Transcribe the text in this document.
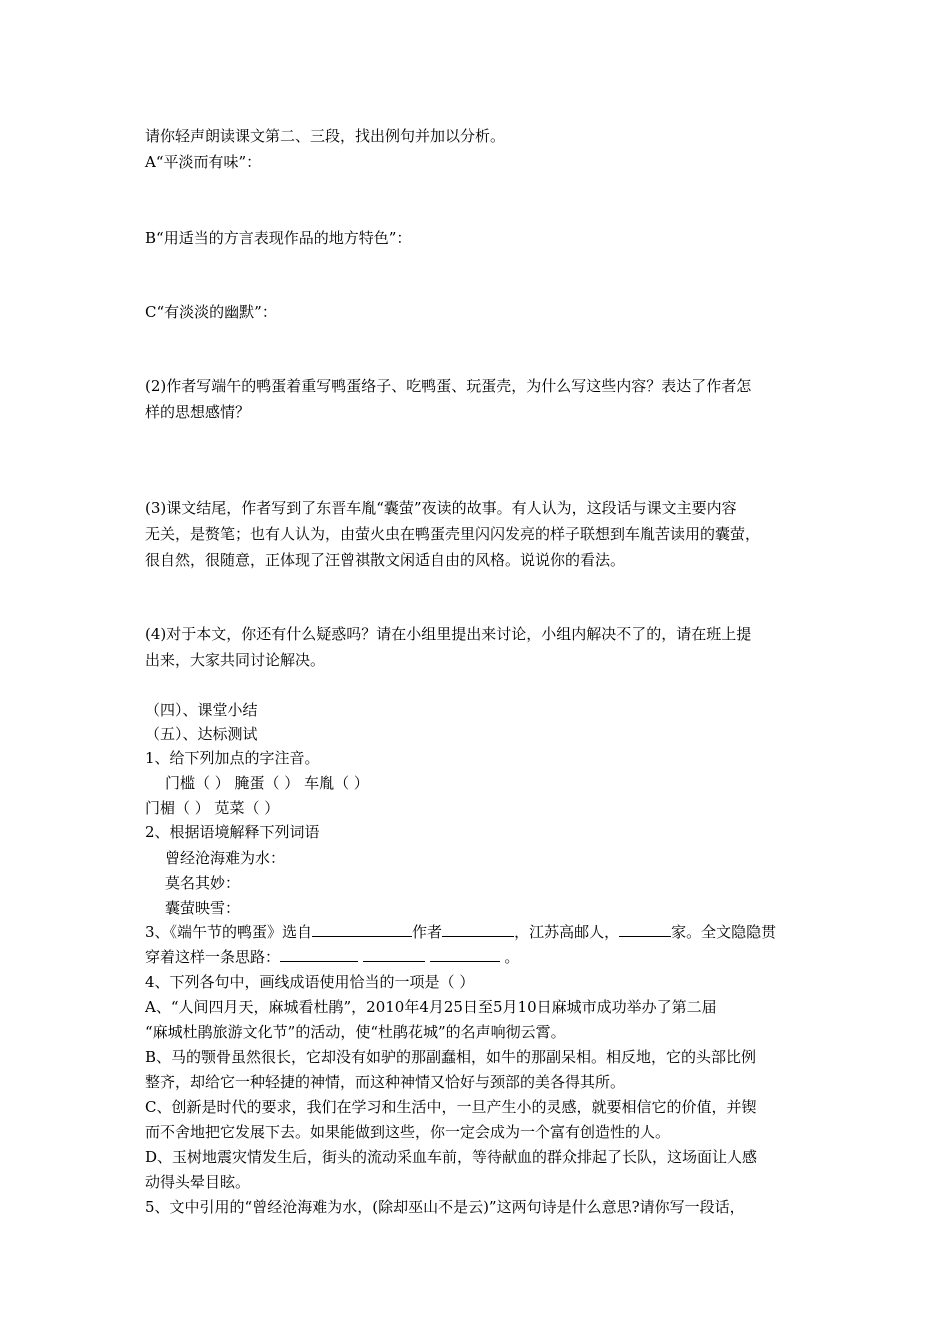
请你轻声朗读课文第二、三段，找出例句并加以分析。
A“平淡而有味”：
B“用适当的方言表现作品的地方特色”：
C“有淡淡的幽默”：
(2)作者写端午的鸭蛋着重写鸭蛋络子、吃鸭蛋、玩蛋壳，为什么写这些内容？表达了作者怎
样的思想感情？
(3)课文结尾，作者写到了东晋车胤“囊萤”夜读的故事。有人认为，这段话与课文主要内容
无关，是赘笔；也有人认为，由萤火虫在鸭蛋壳里闪闪发亮的样子联想到车胤苦读用的囊萤，
很自然，很随意，正体现了汪曾祺散文闲适自由的风格。说说你的看法。
(4)对于本文，你还有什么疑惑吗？请在小组里提出来讨论，小组内解决不了的，请在班上提
出来，大家共同讨论解决。
（四）、课堂小结
（五）、达标测试
1、给下列加点的字注音。
门槛（ ） 腌蛋（ ） 车胤（ ）
门楣（ ） 苋菜（ ）
2、根据语境解释下列词语
曾经沧海难为水：
莫名其妙：
囊萤映雪：
3、《端午节的鸭蛋》选自	作者	，江苏高邮人，	家。全文隐隐贯
穿着这样一条思路：	。
4、下列各句中，画线成语使用恰当的一项是（ ）
A、“人间四月天，麻城看杜鹃”，2010年4月25日至5月10日麻城市成功举办了第二届
“麻城杜鹃旅游文化节”的活动，使“杜鹃花城”的名声响彻云霄。
B、马的颚骨虽然很长，它却没有如驴的那副蠢相，如牛的那副呆相。相反地，它的头部比例
整齐，却给它一种轻捷的神情，而这种神情又恰好与颈部的美各得其所。
C、创新是时代的要求，我们在学习和生活中，一旦产生小的灵感，就要相信它的价值，并锲
而不舍地把它发展下去。如果能做到这些，你一定会成为一个富有创造性的人。
D、玉树地震灾情发生后，街头的流动采血车前，等待献血的群众排起了长队，这场面让人感
动得头晕目眩。
5、文中引用的“曾经沧海难为水，(除却巫山不是云)”这两句诗是什么意思?请你写一段话，
